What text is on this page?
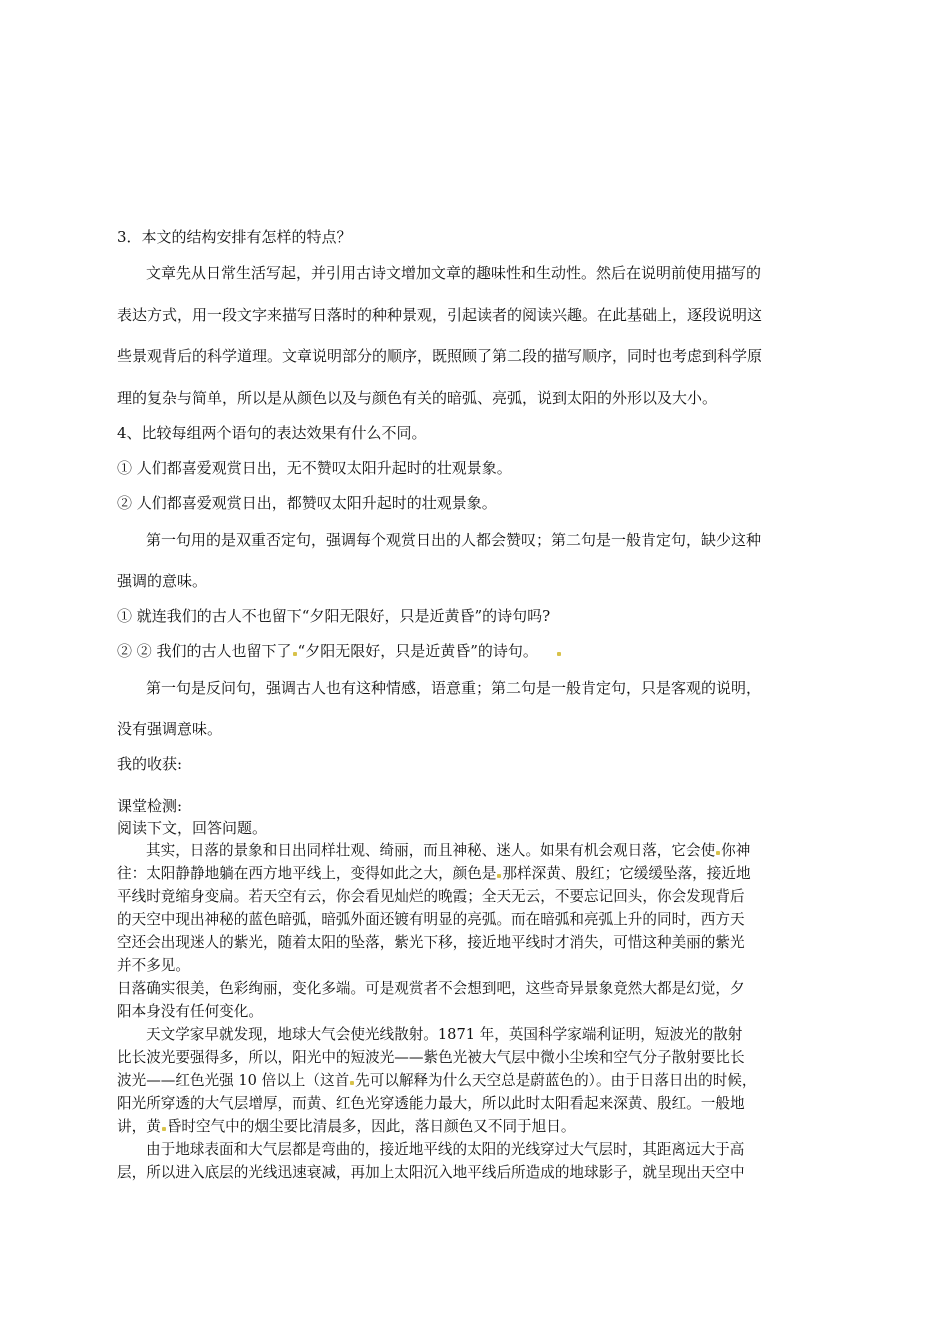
3．本文的结构安排有怎样的特点？
文章先从日常生活写起，并引用古诗文增加文章的趣味性和生动性。然后在说明前使用描写的
表达方式，用一段文字来描写日落时的种种景观，引起读者的阅读兴趣。在此基础上，逐段说明这
些景观背后的科学道理。文章说明部分的顺序，既照顾了第二段的描写顺序，同时也考虑到科学原
理的复杂与简单，所以是从颜色以及与颜色有关的暗弧、亮弧，说到太阳的外形以及大小。
4、比较每组两个语句的表达效果有什么不同。
① 人们都喜爱观赏日出，无不赞叹太阳升起时的壮观景象。
② 人们都喜爱观赏日出，都赞叹太阳升起时的壮观景象。
第一句用的是双重否定句，强调每个观赏日出的人都会赞叹；第二句是一般肯定句，缺少这种
强调的意味。
① 就连我们的古人不也留下“夕阳无限好，只是近黄昏”的诗句吗?
② ② 我们的古人也留下了 “夕阳无限好，只是近黄昏”的诗句。
第一句是反问句，强调古人也有这种情感，语意重；第二句是一般肯定句，只是客观的说明，
没有强调意味。
我的收获:
课堂检测:
阅读下文，回答问题。
其实，日落的景象和日出同样壮观、绮丽，而且神秘、迷人。如果有机会观日落，它会使 你神
往：太阳静静地躺在西方地平线上，变得如此之大，颜色是 那样深黄、殷红；它缓缓坠落，接近地
平线时竟缩身变扁。若天空有云，你会看见灿烂的晚霞；全天无云，不要忘记回头，你会发现背后
的天空中现出神秘的蓝色暗弧，暗弧外面还镀有明显的亮弧。而在暗弧和亮弧上升的同时，西方天
空还会出现迷人的紫光，随着太阳的坠落，紫光下移，接近地平线时才消失，可惜这种美丽的紫光
并不多见。
日落确实很美，色彩绚丽，变化多端。可是观赏者不会想到吧，这些奇异景象竟然大都是幻觉，夕
阳本身没有任何变化。
天文学家早就发现，地球大气会使光线散射。1871 年，英国科学家端利证明，短波光的散射
比长波光要强得多，所以，阳光中的短波光——紫色光被大气层中微小尘埃和空气分子散射要比长
波光——红色光强 10 倍以上（这首 先可以解释为什么天空总是蔚蓝色的）。由于日落日出的时候，
阳光所穿透的大气层增厚，而黄、红色光穿透能力最大，所以此时太阳看起来深黄、殷红。一般地
讲，黄 昏时空气中的烟尘要比清晨多，因此，落日颜色又不同于旭日。
由于地球表面和大气层都是弯曲的，接近地平线的太阳的光线穿过大气层时，其距离远大于高
层，所以进入底层的光线迅速衰减，再加上太阳沉入地平线后所造成的地球影子，就呈现出天空中
